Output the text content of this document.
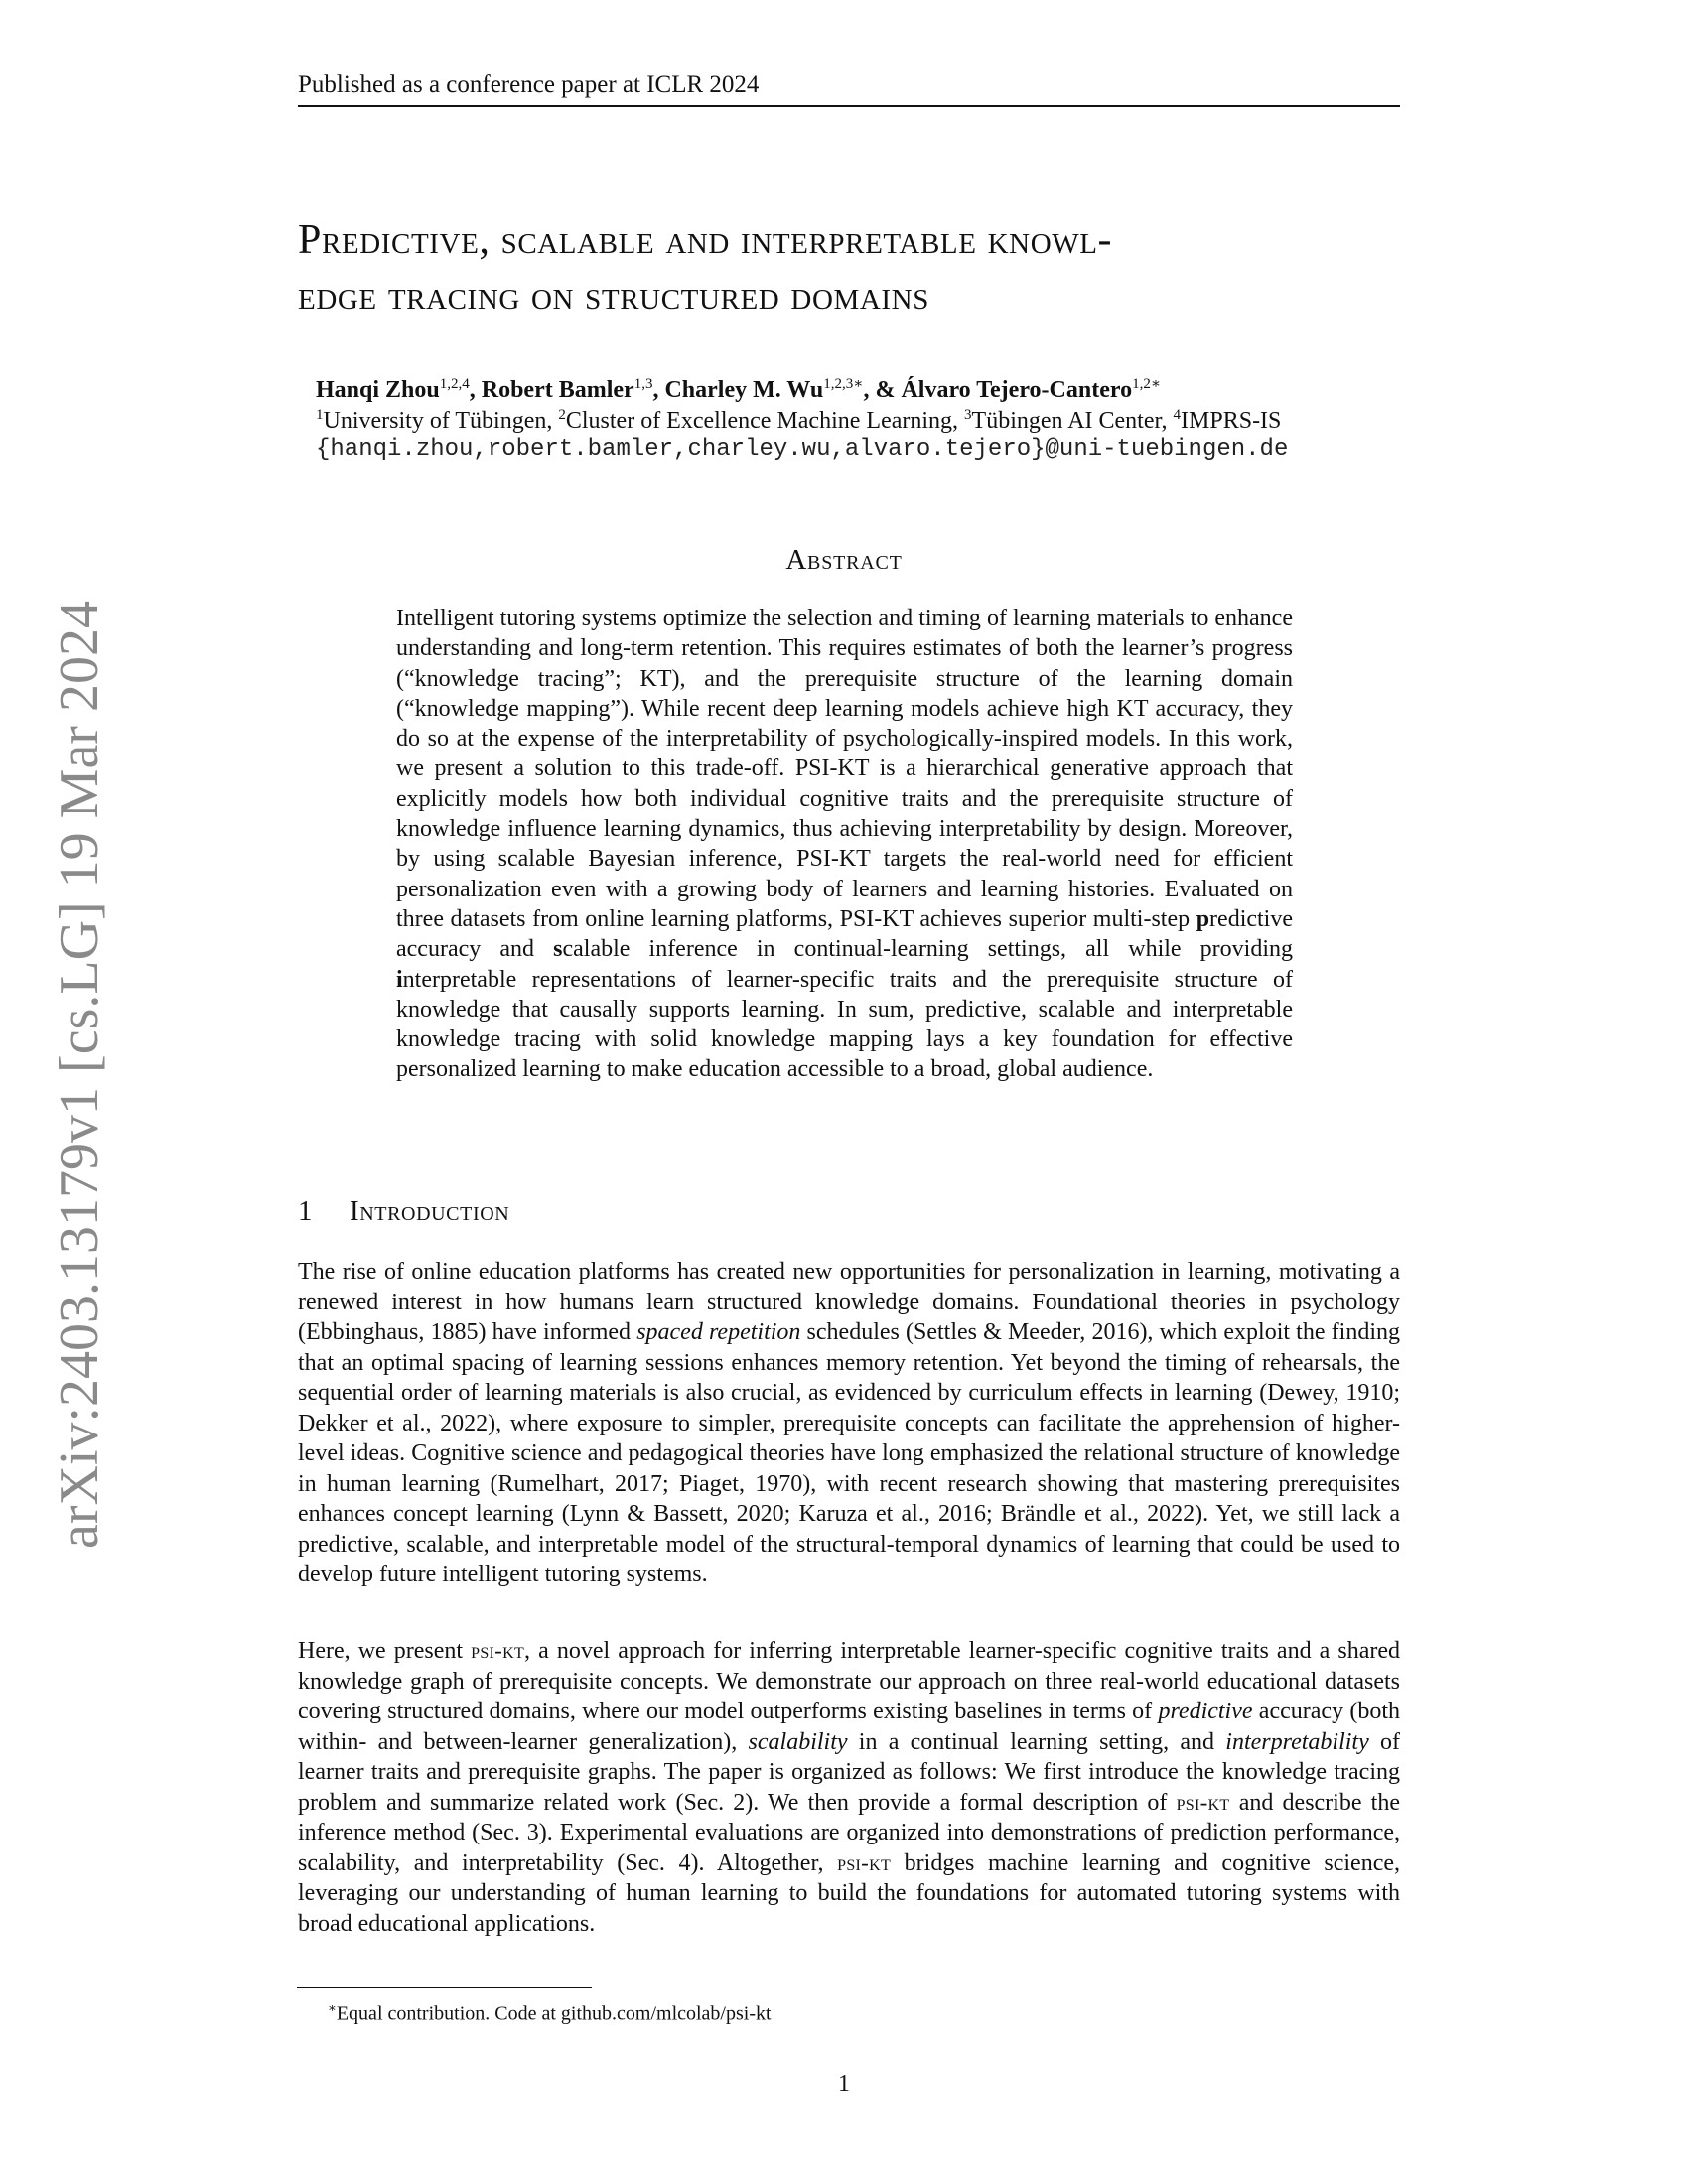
Published as a conference paper at ICLR 2024
arXiv:2403.13179v1 [cs.LG] 19 Mar 2024
Predictive, scalable and interpretable knowl-
edge tracing on structured domains
Hanqi Zhou$^{1,2,4}$, Robert Bamler$^{1,3}$, Charley M. $Wu^{1,2,3∗}$, & Álvaro Tejero-Cantero$^{1,2∗}$
$^1$University of Tübingen, $^2$Cluster of Excellence Machine Learning, $^3$Tübingen AI Center, $^4$IMPRS-IS
{hanqi.zhou,robert.bamler,charley.wu,alvaro.tejero}@uni-tuebingen.de
Abstract
Intelligent tutoring systems optimize the selection and timing of learning materials to enhance understanding and long-term retention. This requires estimates of both the learner’s progress (“knowledge tracing”; KT), and the prerequisite structure of the learning domain (“knowledge mapping”). While recent deep learning models achieve high KT accuracy, they do so at the expense of the interpretability of psychologically-inspired models. In this work, we present a solution to this trade-off. PSI-KT is a hierarchical generative approach that explicitly models how both individual cognitive traits and the prerequisite structure of knowledge influence learning dynamics, thus achieving interpretability by design. Moreover, by using scalable Bayesian inference, PSI-KT targets the real-world need for efficient personalization even with a growing body of learners and learning histories. Evaluated on three datasets from online learning platforms, PSI-KT achieves superior multi-step predictive accuracy and scalable inference in continual-learning settings, all while providing interpretable representations of learner-specific traits and the prerequisite structure of knowledge that causally supports learning. In sum, predictive, scalable and interpretable knowledge tracing with solid knowledge mapping lays a key foundation for effective personalized learning to make education accessible to a broad, global audience.
1 Introduction
The rise of online education platforms has created new opportunities for personalization in learning, motivating a renewed interest in how humans learn structured knowledge domains. Foundational theories in psychology (Ebbinghaus, 1885) have informed spaced repetition schedules (Settles & Meeder, 2016), which exploit the finding that an optimal spacing of learning sessions enhances memory retention. Yet beyond the timing of rehearsals, the sequential order of learning materials is also crucial, as evidenced by curriculum effects in learning (Dewey, 1910; Dekker et al., 2022), where exposure to simpler, prerequisite concepts can facilitate the apprehension of higher-level ideas. Cognitive science and pedagogical theories have long emphasized the relational structure of knowledge in human learning (Rumelhart, 2017; Piaget, 1970), with recent research showing that mastering prerequisites enhances concept learning (Lynn & Bassett, 2020; Karuza et al., 2016; Brändle et al., 2022). Yet, we still lack a predictive, scalable, and interpretable model of the structural-temporal dynamics of learning that could be used to develop future intelligent tutoring systems.
Here, we present psi-kt, a novel approach for inferring interpretable learner-specific cognitive traits and a shared knowledge graph of prerequisite concepts. We demonstrate our approach on three real-world educational datasets covering structured domains, where our model outperforms existing baselines in terms of predictive accuracy (both within- and between-learner generalization), scalability in a continual learning setting, and interpretability of learner traits and prerequisite graphs. The paper is organized as follows: We first introduce the knowledge tracing problem and summarize related work (Sec. 2). We then provide a formal description of psi-kt and describe the inference method (Sec. 3). Experimental evaluations are organized into demonstrations of prediction performance, scalability, and interpretability (Sec. 4). Altogether, psi-kt bridges machine learning and cognitive science, leveraging our understanding of human learning to build the foundations for automated tutoring systems with broad educational applications.
∗Equal contribution. Code at github.com/mlcolab/psi-kt
1
